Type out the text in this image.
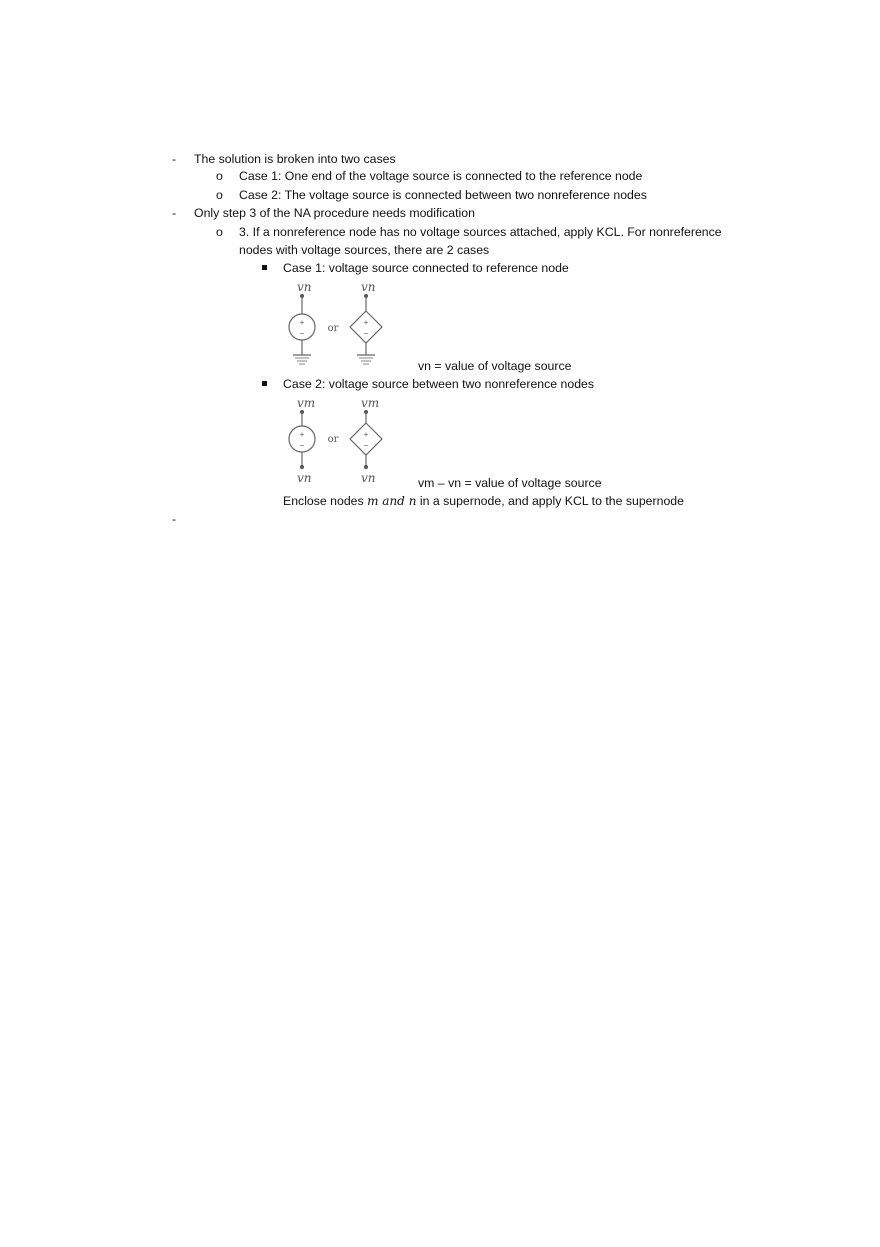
- The solution is broken into two cases
o Case 1: One end of the voltage source is connected to the reference node
o Case 2: The voltage source is connected between two nonreference nodes
- Only step 3 of the NA procedure needs modification
o 3. If a nonreference node has no voltage sources attached, apply KCL. For nonreference
nodes with voltage sources, there are 2 cases
Case 1: voltage source connected to reference node
vn	vn
+
− or
+
−
vn = value of voltage source
Case 2: voltage source between two nonreference nodes
vm	vm
+
−
vn
or	+
−
vn	vm – vn = value of voltage source
Enclose nodes m and n in a supernode, and apply KCL to the supernode
-
